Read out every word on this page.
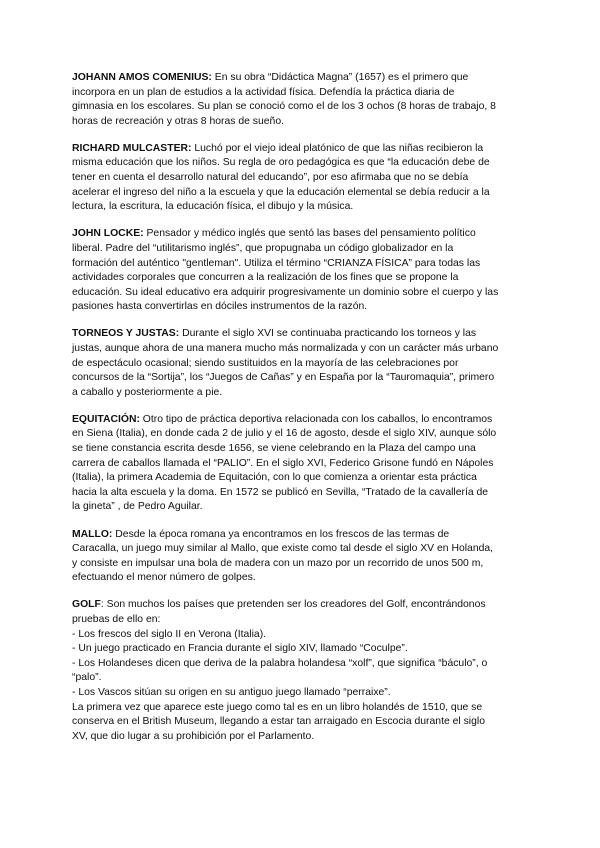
JOHANN AMOS COMENIUS: En su obra “Didáctica Magna” (1657) es el primero que
incorpora en un plan de estudios a la actividad física. Defendía la práctica diaria de
gimnasia en los escolares. Su plan se conoció como el de los 3 ochos (8 horas de trabajo, 8
horas de recreación y otras 8 horas de sueño.
RICHARD MULCASTER: Luchó por el viejo ideal platónico de que las niñas recibieron la
misma educación que los niños. Su regla de oro pedagógica es que “la educación debe de
tener en cuenta el desarrollo natural del educando”, por eso afirmaba que no se debía
acelerar el ingreso del niño a la escuela y que la educación elemental se debía reducir a la
lectura, la escritura, la educación física, el dibujo y la música.
JOHN LOCKE: Pensador y médico inglés que sentó las bases del pensamiento político
liberal. Padre del “utilitarismo inglés”, que propugnaba un código globalizador en la
formación del auténtico "gentleman". Utiliza el término “CRIANZA FÍSICA” para todas las
actividades corporales que concurren a la realización de los fines que se propone la
educación. Su ideal educativo era adquirir progresivamente un dominio sobre el cuerpo y las
pasiones hasta convertirlas en dóciles instrumentos de la razón.
TORNEOS Y JUSTAS: Durante el siglo XVI se continuaba practicando los torneos y las
justas, aunque ahora de una manera mucho más normalizada y con un carácter más urbano
de espectáculo ocasional; siendo sustituidos en la mayoría de las celebraciones por
concursos de la “Sortija”, los “Juegos de Cañas” y en España por la “Tauromaquia”, primero
a caballo y posteriormente a pie.
EQUITACIÓN: Otro tipo de práctica deportiva relacionada con los caballos, lo encontramos
en Siena (Italia), en donde cada 2 de julio y el 16 de agosto, desde el siglo XIV, aunque sólo
se tiene constancia escrita desde 1656, se viene celebrando en la Plaza del campo una
carrera de caballos llamada el “PALIO”. En el siglo XVI, Federico Grisone fundó en Nápoles
(Italia), la primera Academia de Equitación, con lo que comienza a orientar esta práctica
hacia la alta escuela y la doma. En 1572 se publicó en Sevilla, “Tratado de la cavallería de
la gineta” , de Pedro Aguilar.
MALLO: Desde la época romana ya encontramos en los frescos de las termas de
Caracalla, un juego muy similar al Mallo, que existe como tal desde el siglo XV en Holanda,
y consiste en impulsar una bola de madera con un mazo por un recorrido de unos 500 m,
efectuando el menor número de golpes.
GOLF: Son muchos los países que pretenden ser los creadores del Golf, encontrándonos
pruebas de ello en:
- Los frescos del siglo II en Verona (Italia).
- Un juego practicado en Francia durante el siglo XIV, llamado “Coculpe”.
- Los Holandeses dicen que deriva de la palabra holandesa “xolf”, que significa “báculo”, o
“palo”.
- Los Vascos sitúan su origen en su antiguo juego llamado “perraixe”.
La primera vez que aparece este juego como tal es en un libro holandés de 1510, que se
conserva en el British Museum, llegando a estar tan arraigado en Escocia durante el siglo
XV, que dio lugar a su prohibición por el Parlamento.
